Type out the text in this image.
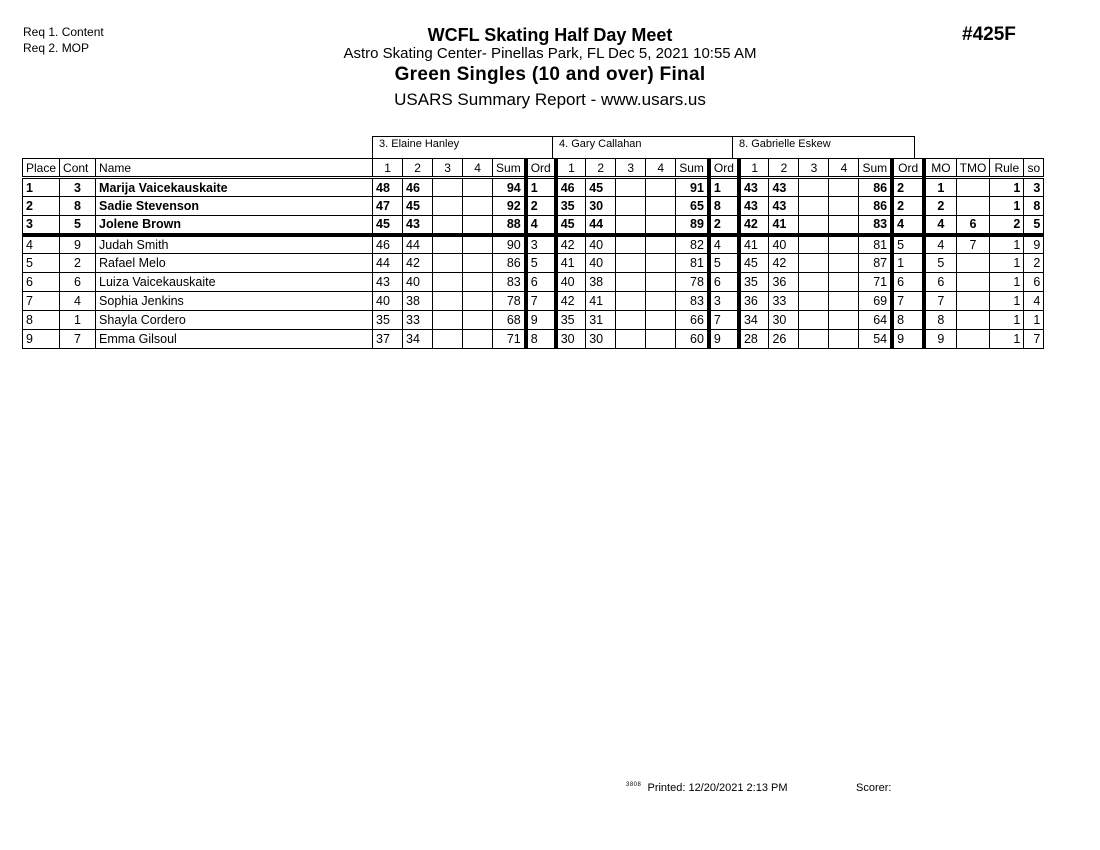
Req 1. Content
Req 2. MOP
WCFL Skating Half Day Meet
Astro Skating Center- Pinellas Park, FL Dec 5, 2021 10:55 AM
Green Singles (10 and over) Final
USARS Summary Report - www.usars.us
#425F
3. Elaine Hanley	4. Gary Callahan	8. Gabrielle Eskew
Place	Cont	Name	1	2	3	4	Sum	Ord	1	2	3	4	Sum	Ord	1	2	3	4	Sum	Ord	MO	TMO	Rule	so
1	3	Marija Vaicekauskaite	48	46			94	1	46	45			91	1	43	43			86	2	1		1	3
2	8	Sadie Stevenson	47	45			92	2	35	30			65	8	43	43			86	2	2		1	8
3	5	Jolene Brown	45	43			88	4	45	44			89	2	42	41			83	4	4	6	2	5
4	9	Judah Smith	46	44			90	3	42	40			82	4	41	40			81	5	4	7	1	9
5	2	Rafael Melo	44	42			86	5	41	40			81	5	45	42			87	1	5		1	2
6	6	Luiza Vaicekauskaite	43	40			83	6	40	38			78	6	35	36			71	6	6		1	6
7	4	Sophia Jenkins	40	38			78	7	42	41			83	3	36	33			69	7	7		1	4
8	1	Shayla Cordero	35	33			68	9	35	31			66	7	34	30			64	8	8		1	1
9	7	Emma Gilsoul	37	34			71	8	30	30			60	9	28	26			54	9	9		1	7
$^{3808}$ Printed: 12/20/2021 2:13 PM	Scorer:
